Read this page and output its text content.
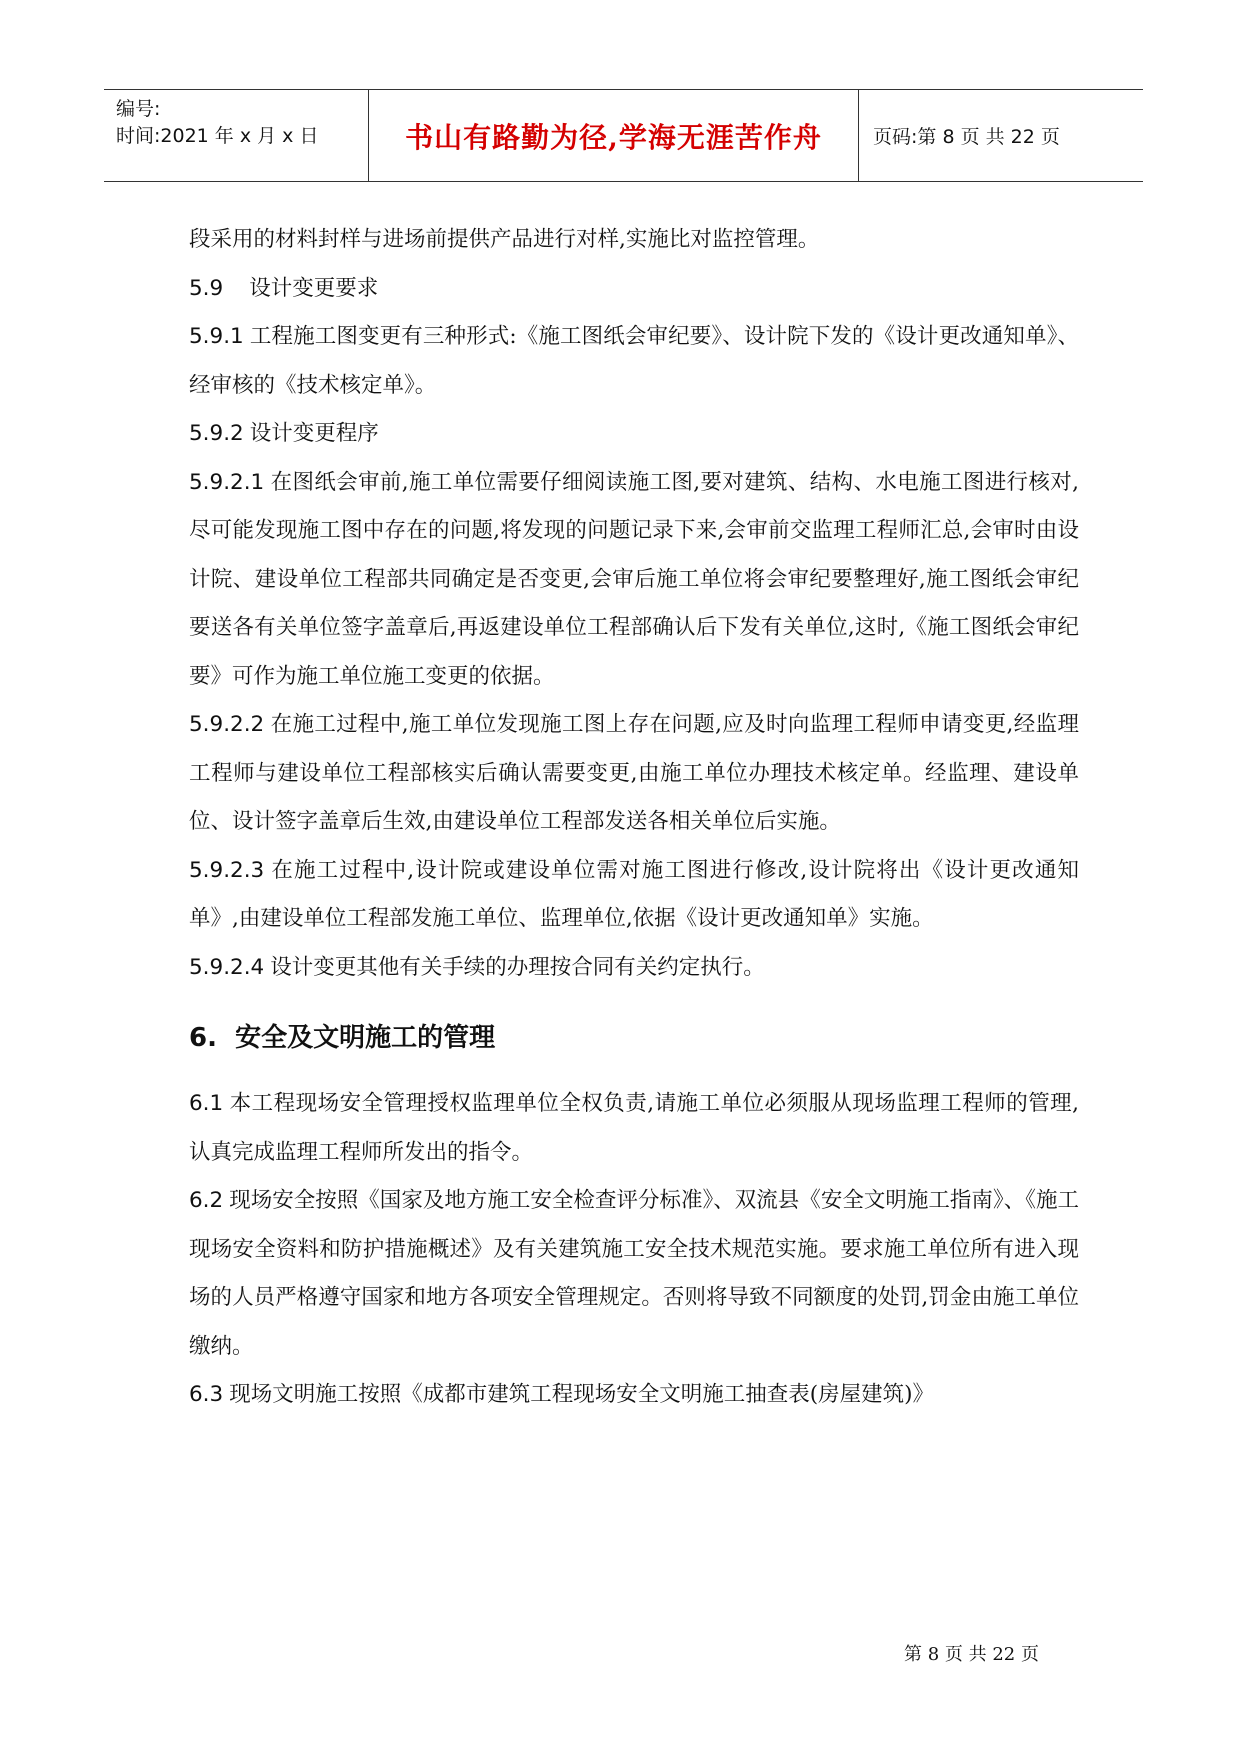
编号:
时间:2021 年 x 月 x 日	书山有路勤为径,学海无涯苦作舟	页码:第 8 页 共 22 页

段采用的材料封样与进场前提供产品进行对样,实施比对监控管理。

5.9 设计变更要求

5.9.1 工程施工图变更有三种形式:《施工图纸会审纪要》、设计院下发的《设计更改通知单》、经审核的《技术核定单》。

5.9.2 设计变更程序

5.9.2.1 在图纸会审前,施工单位需要仔细阅读施工图,要对建筑、结构、水电施工图进行核对,尽可能发现施工图中存在的问题,将发现的问题记录下来,会审前交监理工程师汇总,会审时由设计院、建设单位工程部共同确定是否变更,会审后施工单位将会审纪要整理好,施工图纸会审纪要送各有关单位签字盖章后,再返建设单位工程部确认后下发有关单位,这时,《施工图纸会审纪要》可作为施工单位施工变更的依据。

5.9.2.2 在施工过程中,施工单位发现施工图上存在问题,应及时向监理工程师申请变更,经监理工程师与建设单位工程部核实后确认需要变更,由施工单位办理技术核定单。经监理、建设单位、设计签字盖章后生效,由建设单位工程部发送各相关单位后实施。

5.9.2.3 在施工过程中,设计院或建设单位需对施工图进行修改,设计院将出《设计更改通知单》,由建设单位工程部发施工单位、监理单位,依据《设计更改通知单》实施。

5.9.2.4 设计变更其他有关手续的办理按合同有关约定执行。

6. 安全及文明施工的管理

6.1 本工程现场安全管理授权监理单位全权负责,请施工单位必须服从现场监理工程师的管理,认真完成监理工程师所发出的指令。

6.2 现场安全按照《国家及地方施工安全检查评分标准》、双流县《安全文明施工指南》、《施工现场安全资料和防护措施概述》及有关建筑施工安全技术规范实施。要求施工单位所有进入现场的人员严格遵守国家和地方各项安全管理规定。否则将导致不同额度的处罚,罚金由施工单位缴纳。

6.3 现场文明施工按照《成都市建筑工程现场安全文明施工抽查表(房屋建筑)》

第 8 页 共 22 页
